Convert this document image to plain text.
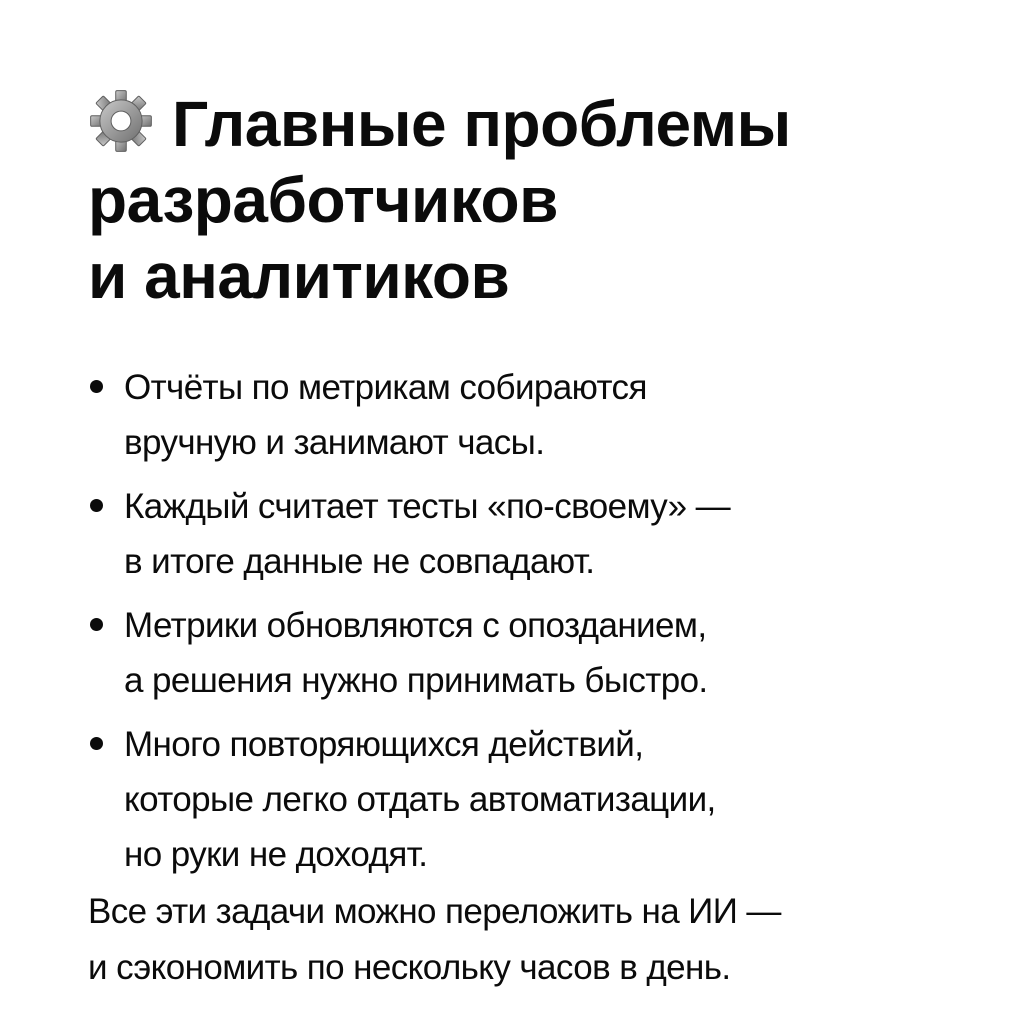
Главные проблемы
разработчиков
и аналитиков
Отчёты по метрикам собираются
вручную и занимают часы.
Каждый считает тесты «по-своему» —
в итоге данные не совпадают.
Метрики обновляются с опозданием,
а решения нужно принимать быстро.
Много повторяющихся действий,
которые легко отдать автоматизации,
но руки не доходят.

Все эти задачи можно переложить на ИИ —
и сэкономить по нескольку часов в день.
